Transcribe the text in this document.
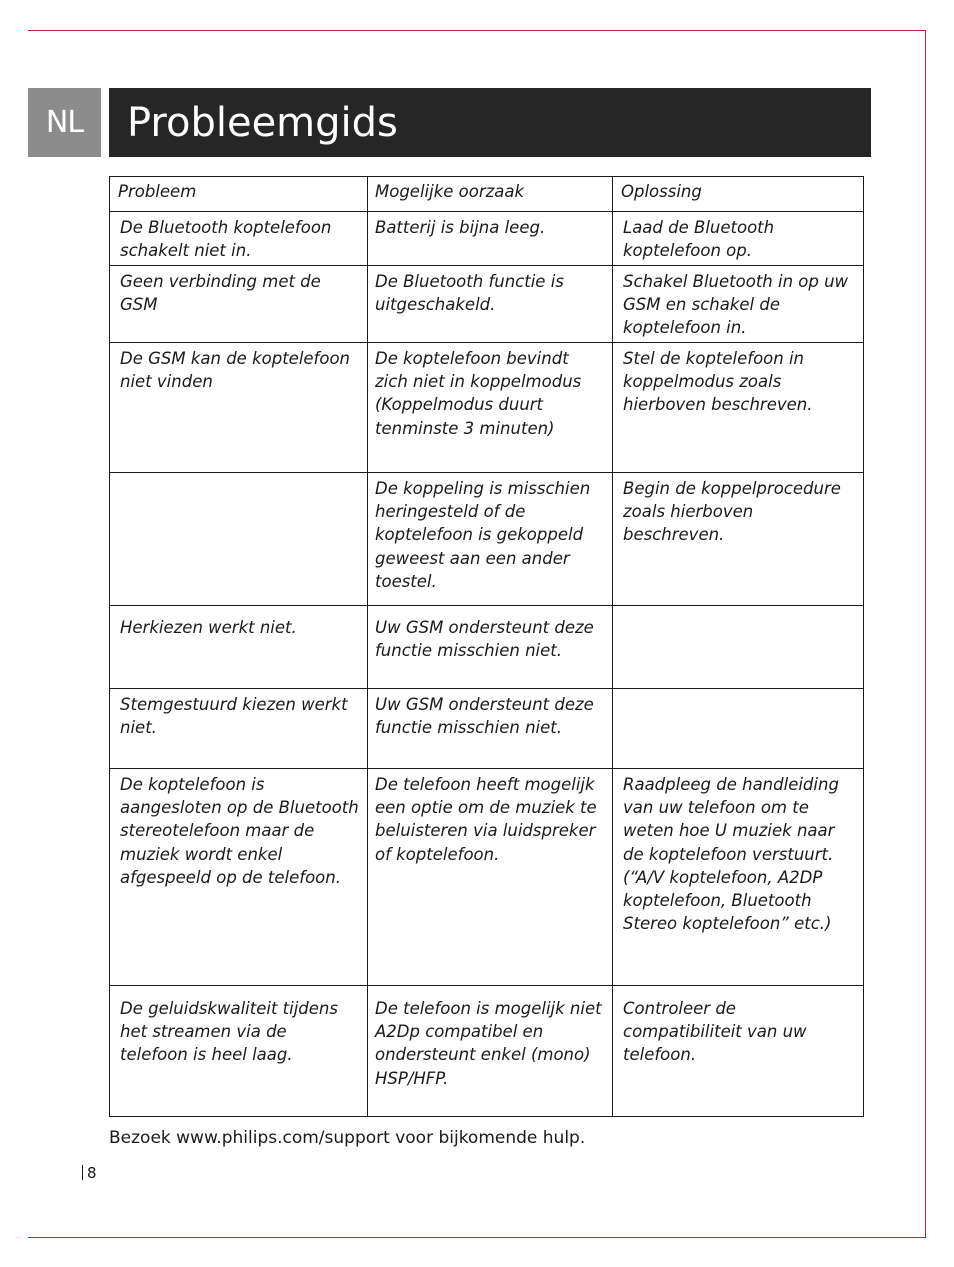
NL	Probleemgids
Probleem	Mogelijke oorzaak	Oplossing
De Bluetooth koptelefoon schakelt niet in.	Batterij is bijna leeg.	Laad de Bluetooth koptelefoon op.
Geen verbinding met de GSM	De Bluetooth functie is uitgeschakeld.	Schakel Bluetooth in op uw GSM en schakel de koptelefoon in.
De GSM kan de koptelefoon niet vinden	De koptelefoon bevindt zich niet in koppelmodus (Koppelmodus duurt tenminste 3 minuten)	Stel de koptelefoon in koppelmodus zoals hierboven beschreven.
	De koppeling is misschien heringesteld of de koptelefoon is gekoppeld geweest aan een ander toestel.	Begin de koppelprocedure zoals hierboven beschreven.
Herkiezen werkt niet.	Uw GSM ondersteunt deze functie misschien niet.	
Stemgestuurd kiezen werkt niet.	Uw GSM ondersteunt deze functie misschien niet.	
De koptelefoon is aangesloten op de Bluetooth stereotelefoon maar de muziek wordt enkel afgespeeld op de telefoon.	De telefoon heeft mogelijk een optie om de muziek te beluisteren via luidspreker of koptelefoon.	Raadpleeg de handleiding van uw telefoon om te weten hoe U muziek naar de koptelefoon verstuurt. (“A/V koptelefoon, A2DP koptelefoon, Bluetooth Stereo koptelefoon” etc.)
De geluidskwaliteit tijdens het streamen via de telefoon is heel laag.	De telefoon is mogelijk niet A2Dp compatibel en ondersteunt enkel (mono) HSP/HFP.	Controleer de compatibiliteit van uw telefoon.
Bezoek www.philips.com/support voor bijkomende hulp.
8
